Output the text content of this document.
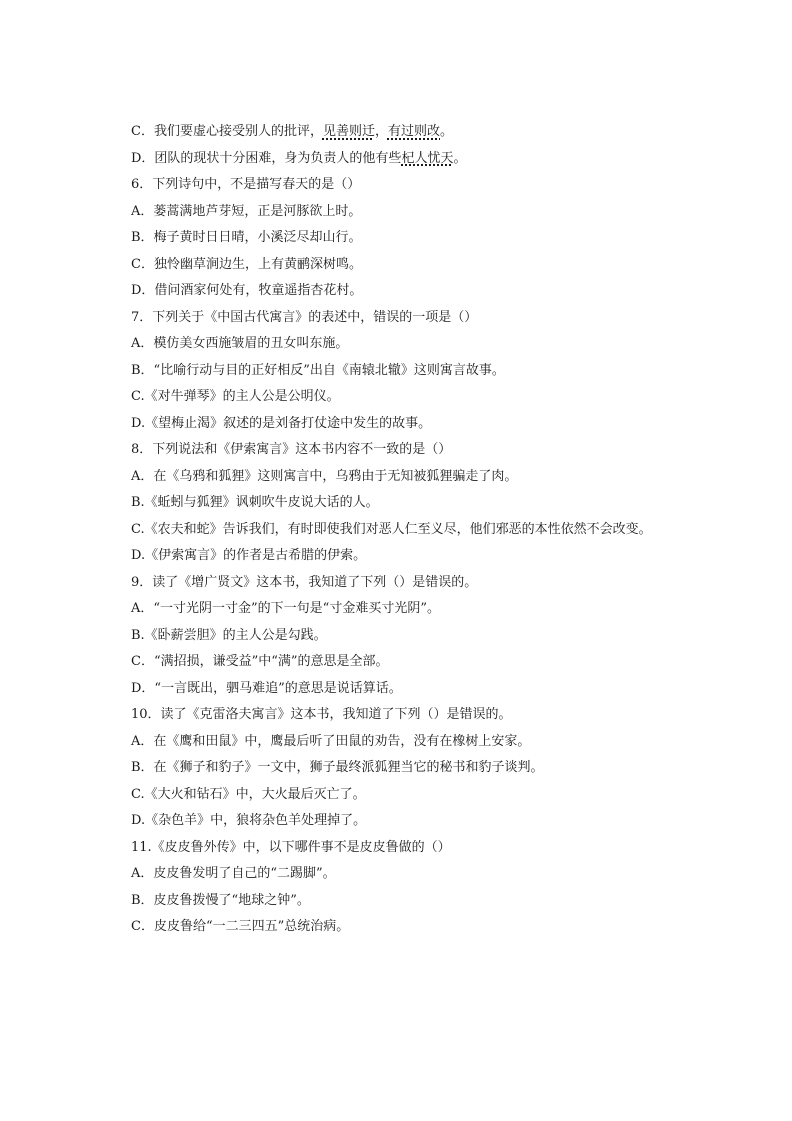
C．我们要虚心接受别人的批评，见善则迁，有过则改。
D．团队的现状十分困难，身为负责人的他有些杞人忧天。
6．下列诗句中，不是描写春天的是（）
A．蒌蒿满地芦芽短，正是河豚欲上时。
B．梅子黄时日日晴，小溪泛尽却山行。
C．独怜幽草涧边生，上有黄鹂深树鸣。
D．借问酒家何处有，牧童遥指杏花村。
7．下列关于《中国古代寓言》的表述中，错误的一项是（）
A．模仿美女西施皱眉的丑女叫东施。
B．“比喻行动与目的正好相反”出自《南辕北辙》这则寓言故事。
C.《对牛弹琴》的主人公是公明仪。
D.《望梅止渴》叙述的是刘备打仗途中发生的故事。
8．下列说法和《伊索寓言》这本书内容不一致的是（）
A．在《乌鸦和狐狸》这则寓言中，乌鸦由于无知被狐狸骗走了肉。
B.《蚯蚓与狐狸》讽刺吹牛皮说大话的人。
C.《农夫和蛇》告诉我们，有时即使我们对恶人仁至义尽，他们邪恶的本性依然不会改变。
D.《伊索寓言》的作者是古希腊的伊索。
9．读了《增广贤文》这本书，我知道了下列（）是错误的。
A．“一寸光阴一寸金”的下一句是“寸金难买寸光阴”。
B.《卧薪尝胆》的主人公是勾践。
C．“满招损，谦受益”中“满”的意思是全部。
D．“一言既出，驷马难追”的意思是说话算话。
10．读了《克雷洛夫寓言》这本书，我知道了下列（）是错误的。
A．在《鹰和田鼠》中，鹰最后听了田鼠的劝告，没有在橡树上安家。
B．在《狮子和豹子》一文中，狮子最终派狐狸当它的秘书和豹子谈判。
C.《大火和钻石》中，大火最后灭亡了。
D.《杂色羊》中，狼将杂色羊处理掉了。
11.《皮皮鲁外传》中，以下哪件事不是皮皮鲁做的（）
A．皮皮鲁发明了自己的“二踢脚”。
B．皮皮鲁拨慢了“地球之钟”。
C．皮皮鲁给“一二三四五”总统治病。
